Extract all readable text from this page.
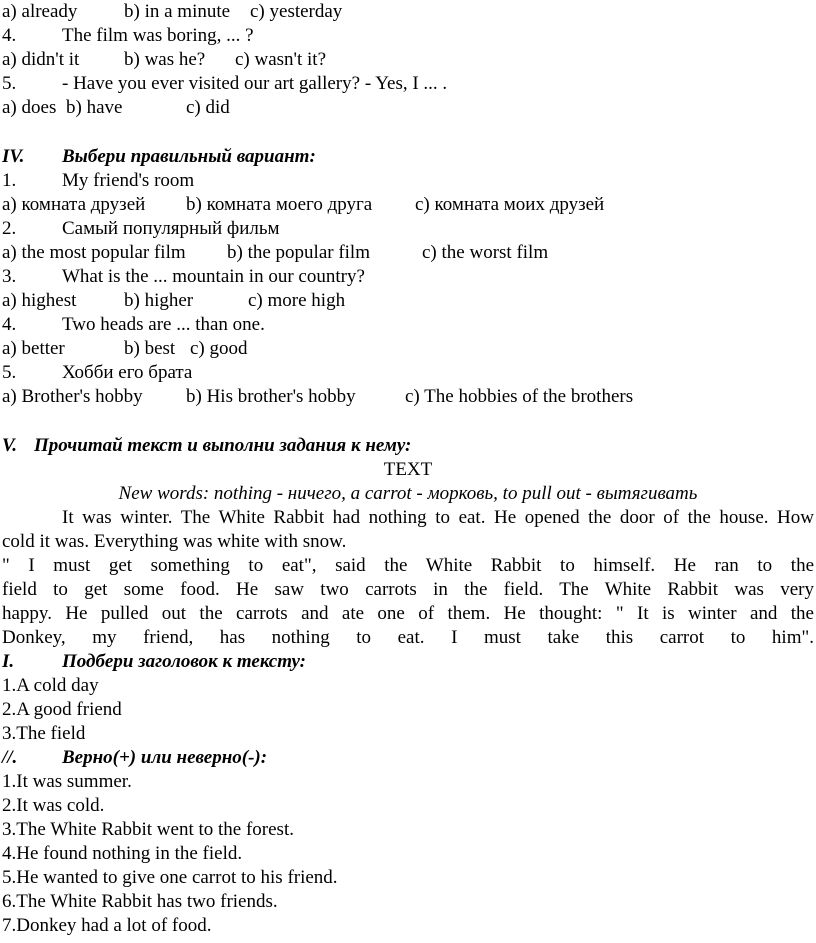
a) already b) in a minute c) yesterday
4. The film was boring, ... ?
a) didn't it b) was he? c) wasn't it?
5. - Have you ever visited our art gallery? - Yes, I ... .
a) does b) have	c) did
IV. Выбери правильный вариант:
1. My friend's room
а) комната друзей b) комната моего друга с) комната моих друзей
2. Самый популярный фильм
a) the most popular film b) the popular film	c) the worst film
3. What is the ... mountain in our country?
a) highest	b) higher	c) more high
4. Two heads are ... than one.
a) better	b) best c) good
5. Хобби его брата
a) Brother's hobby b) His brother's hobby	c) The hobbies of the brothers
V. Прочитай текст и выполни задания к нему:
TEXT
New words: nothing - ничего, a carrot - морковь, to pull out - вытягивать
It was winter. The White Rabbit had nothing to eat. He opened the door of the house. How
cold it was. Everything was white with snow.
" I must get something to eat", said the White Rabbit to himself. He ran to the
field to get some food. He saw two carrots in the field. The White Rabbit was very
happy. He pulled out the carrots and ate one of them. He thought: " It is winter and the
Donkey, my friend, has nothing to eat. I must take this carrot to him".
I.	Подбери заголовок к тексту:
1.A cold day
2.A good friend
3.The field
//. Верно(+) или неверно(-):
1.It was summer.
2.It was cold.
3.The White Rabbit went to the forest.
4.He found nothing in the field.
5.He wanted to give one carrot to his friend.
6.The White Rabbit has two friends.
7.Donkey had a lot of food.
